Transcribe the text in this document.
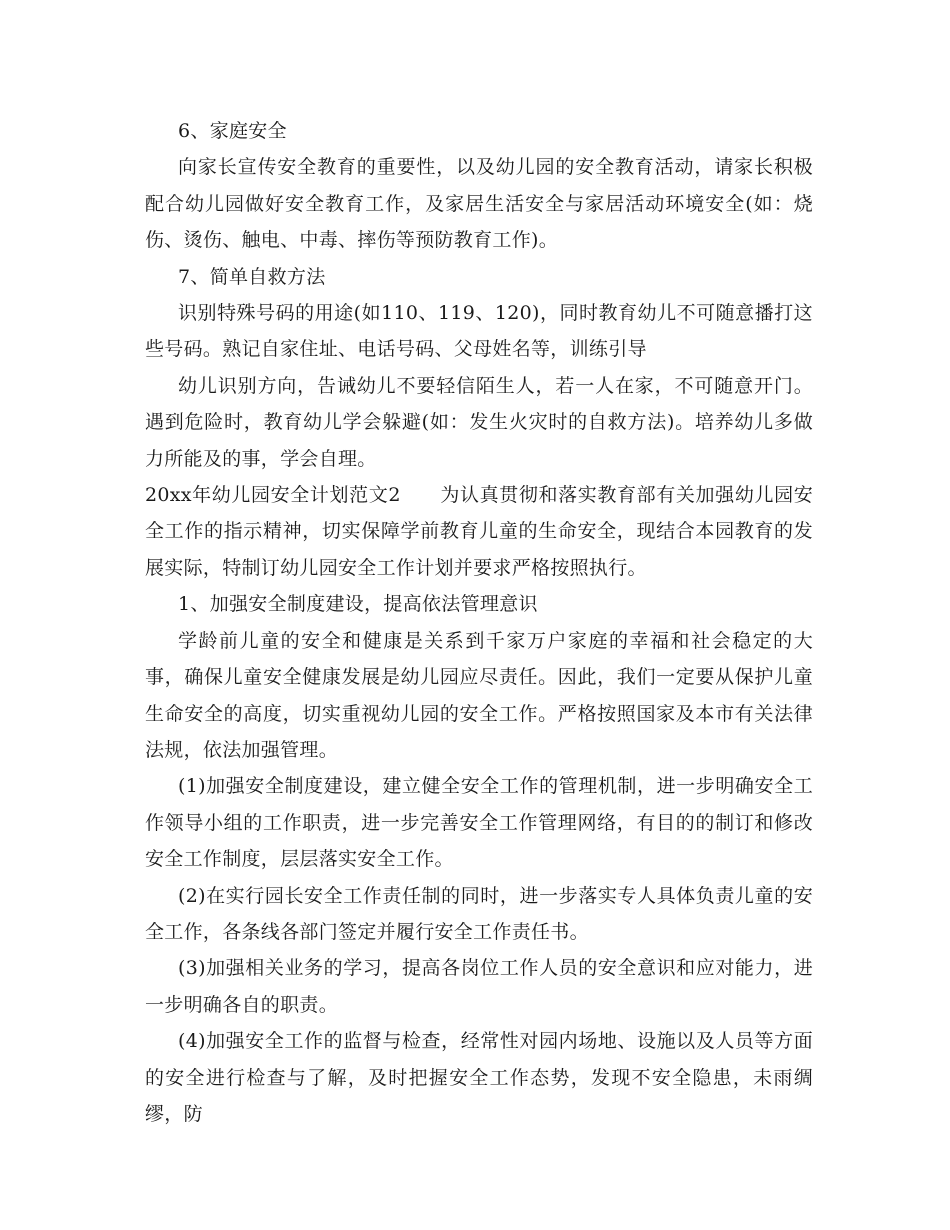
6、家庭安全

向家长宣传安全教育的重要性，以及幼儿园的安全教育活动，请家长积极配合幼儿园做好安全教育工作，及家居生活安全与家居活动环境安全(如：烧伤、烫伤、触电、中毒、摔伤等预防教育工作)。

7、简单自救方法

识别特殊号码的用途(如110、119、120)，同时教育幼儿不可随意播打这些号码。熟记自家住址、电话号码、父母姓名等，训练引导

幼儿识别方向，告诫幼儿不要轻信陌生人，若一人在家，不可随意开门。遇到危险时，教育幼儿学会躲避(如：发生火灾时的自救方法)。培养幼儿多做力所能及的事，学会自理。

20xx年幼儿园安全计划范文2　　为认真贯彻和落实教育部有关加强幼儿园安全工作的指示精神，切实保障学前教育儿童的生命安全，现结合本园教育的发展实际，特制订幼儿园安全工作计划并要求严格按照执行。

1、加强安全制度建设，提高依法管理意识

学龄前儿童的安全和健康是关系到千家万户家庭的幸福和社会稳定的大事，确保儿童安全健康发展是幼儿园应尽责任。因此，我们一定要从保护儿童生命安全的高度，切实重视幼儿园的安全工作。严格按照国家及本市有关法律法规，依法加强管理。

(1)加强安全制度建设，建立健全安全工作的管理机制，进一步明确安全工作领导小组的工作职责，进一步完善安全工作管理网络，有目的的制订和修改安全工作制度，层层落实安全工作。

(2)在实行园长安全工作责任制的同时，进一步落实专人具体负责儿童的安全工作，各条线各部门签定并履行安全工作责任书。

(3)加强相关业务的学习，提高各岗位工作人员的安全意识和应对能力，进一步明确各自的职责。

(4)加强安全工作的监督与检查，经常性对园内场地、设施以及人员等方面的安全进行检查与了解，及时把握安全工作态势，发现不安全隐患，未雨绸缪，防
